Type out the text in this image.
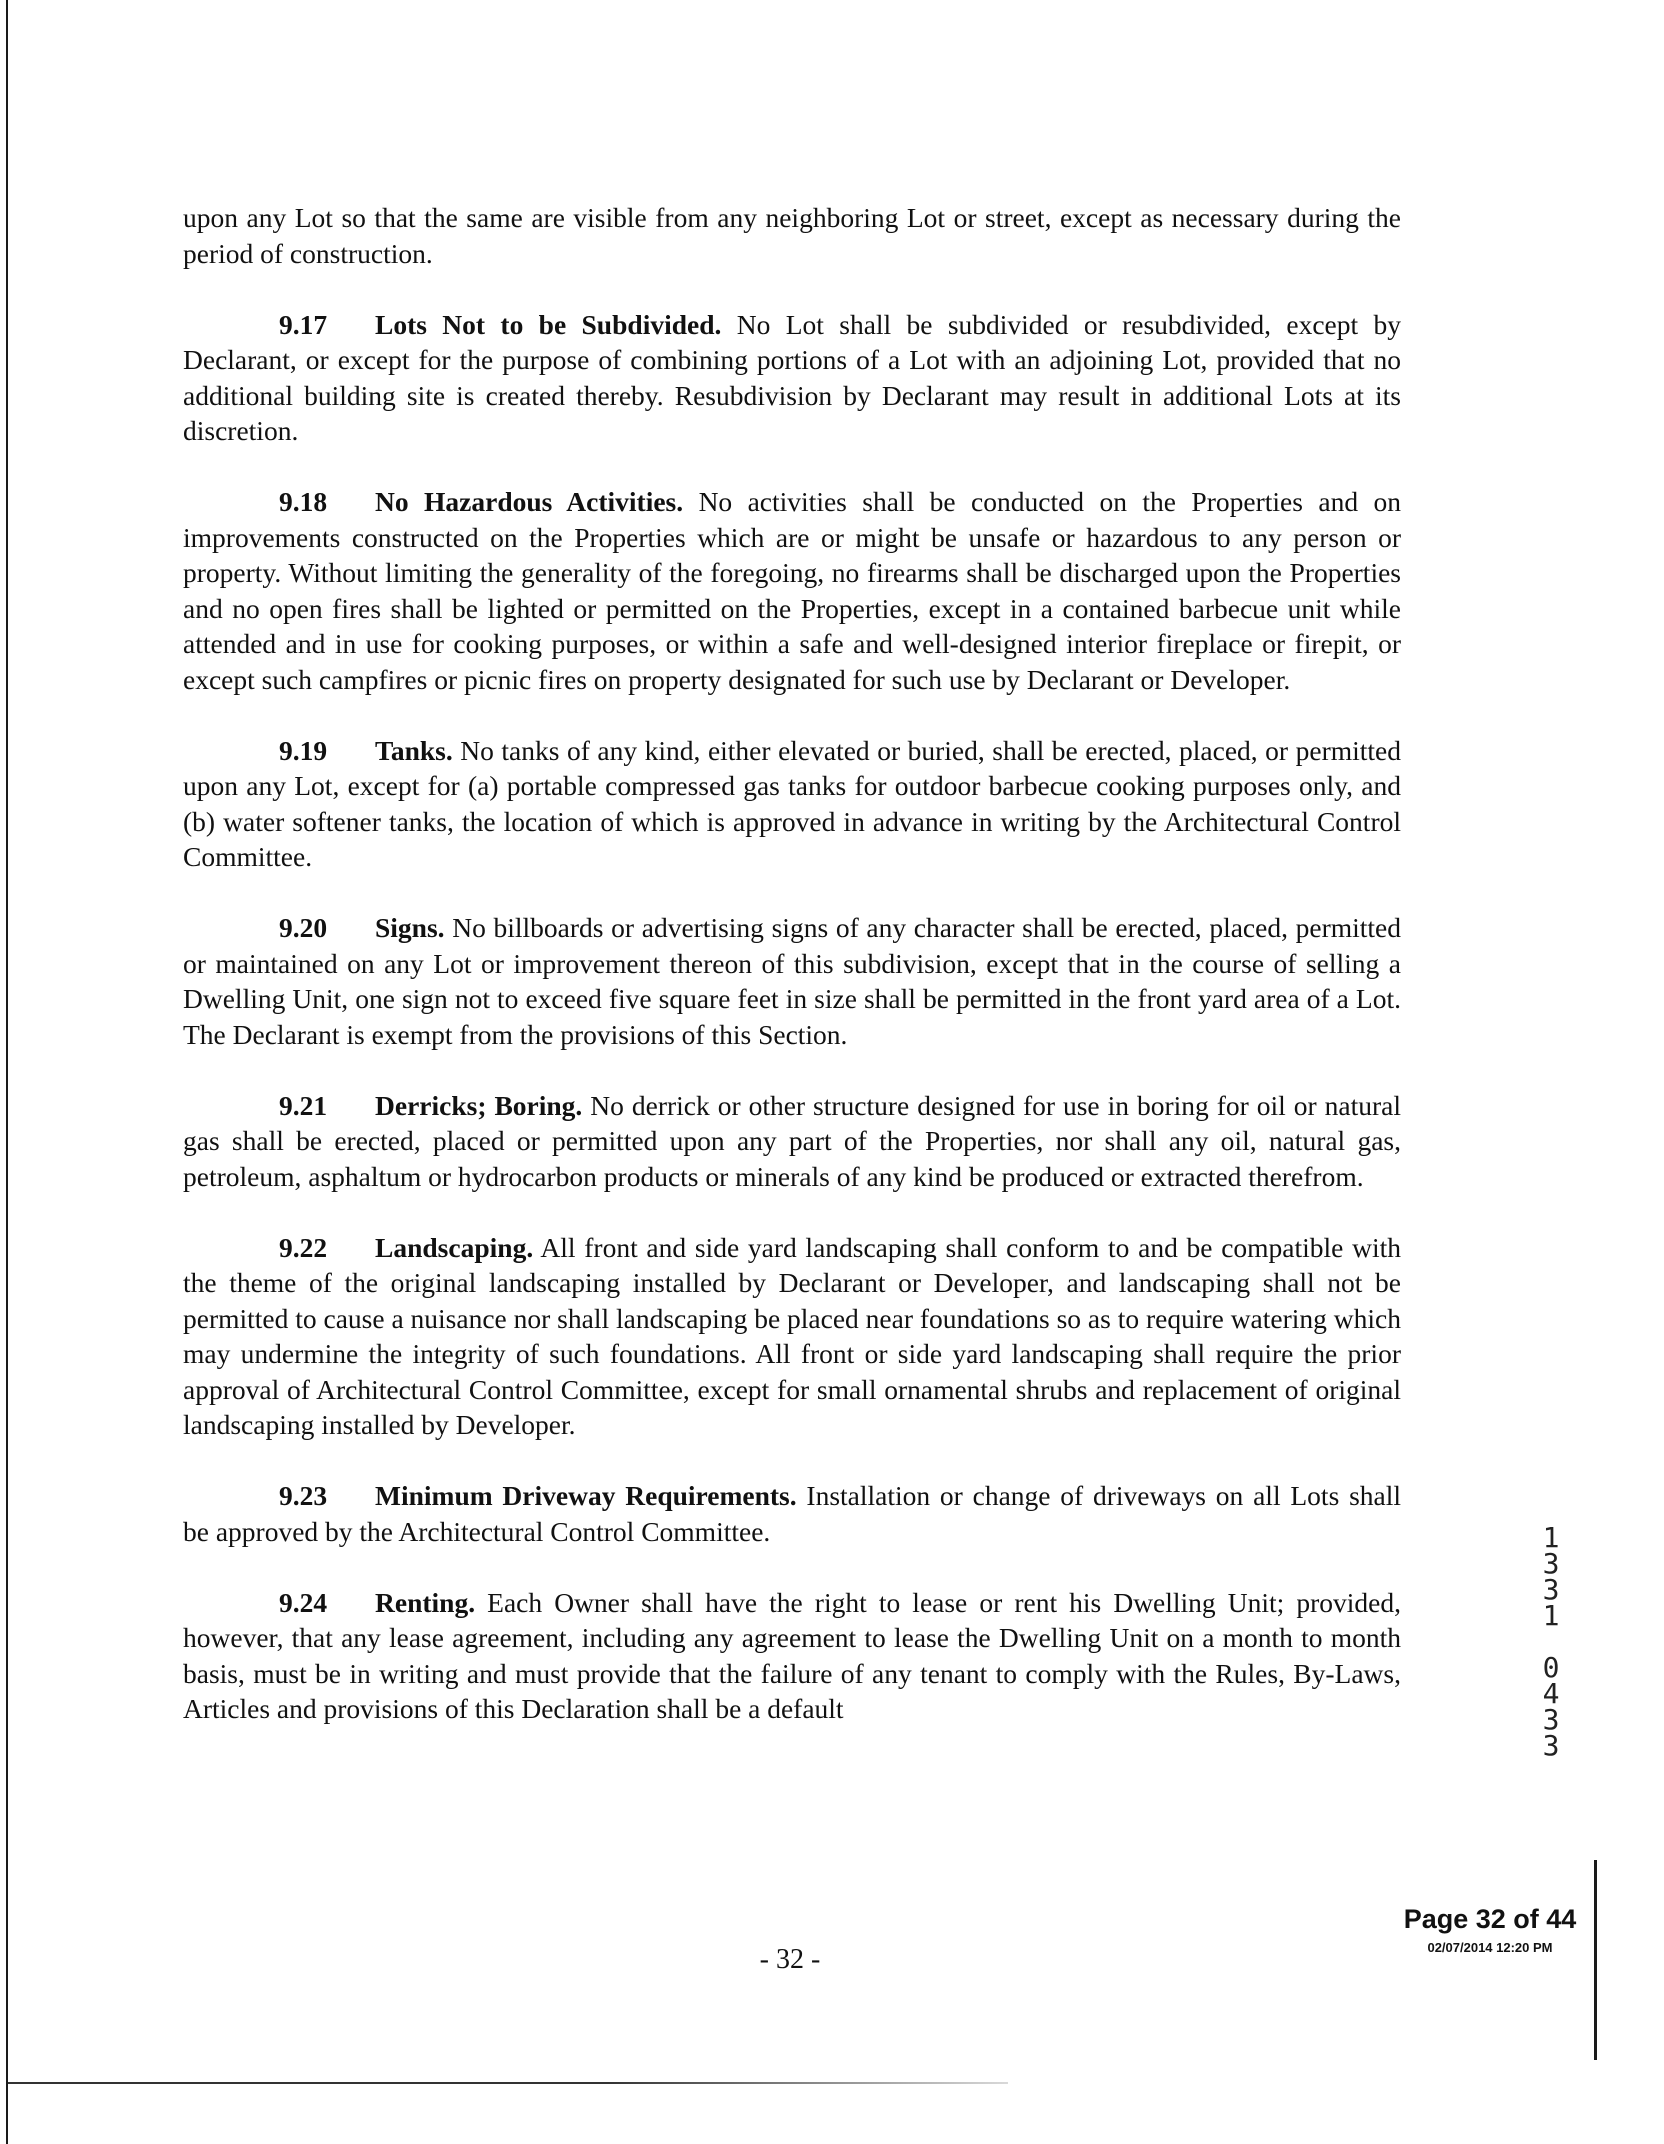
upon any Lot so that the same are visible from any neighboring Lot or street, except as necessary during the period of construction.

9.17 Lots Not to be Subdivided. No Lot shall be subdivided or resubdivided, except by Declarant, or except for the purpose of combining portions of a Lot with an adjoining Lot, provided that no additional building site is created thereby. Resubdivision by Declarant may result in additional Lots at its discretion.

9.18 No Hazardous Activities. No activities shall be conducted on the Properties and on improvements constructed on the Properties which are or might be unsafe or hazardous to any person or property. Without limiting the generality of the foregoing, no firearms shall be discharged upon the Properties and no open fires shall be lighted or permitted on the Properties, except in a contained barbecue unit while attended and in use for cooking purposes, or within a safe and well-designed interior fireplace or firepit, or except such campfires or picnic fires on property designated for such use by Declarant or Developer.

9.19 Tanks. No tanks of any kind, either elevated or buried, shall be erected, placed, or permitted upon any Lot, except for (a) portable compressed gas tanks for outdoor barbecue cooking purposes only, and (b) water softener tanks, the location of which is approved in advance in writing by the Architectural Control Committee.

9.20 Signs. No billboards or advertising signs of any character shall be erected, placed, permitted or maintained on any Lot or improvement thereon of this subdivision, except that in the course of selling a Dwelling Unit, one sign not to exceed five square feet in size shall be permitted in the front yard area of a Lot. The Declarant is exempt from the provisions of this Section.

9.21 Derricks; Boring. No derrick or other structure designed for use in boring for oil or natural gas shall be erected, placed or permitted upon any part of the Properties, nor shall any oil, natural gas, petroleum, asphaltum or hydrocarbon products or minerals of any kind be produced or extracted therefrom.

9.22 Landscaping. All front and side yard landscaping shall conform to and be compatible with the theme of the original landscaping installed by Declarant or Developer, and landscaping shall not be permitted to cause a nuisance nor shall landscaping be placed near foundations so as to require watering which may undermine the integrity of such foundations. All front or side yard landscaping shall require the prior approval of Architectural Control Committee, except for small ornamental shrubs and replacement of original landscaping installed by Developer.

9.23 Minimum Driveway Requirements. Installation or change of driveways on all Lots shall be approved by the Architectural Control Committee.

9.24 Renting. Each Owner shall have the right to lease or rent his Dwelling Unit; provided, however, that any lease agreement, including any agreement to lease the Dwelling Unit on a month to month basis, must be in writing and must provide that the failure of any tenant to comply with the Rules, By-Laws, Articles and provisions of this Declaration shall be a default

1
3
3
1

0
4
3
3
Page 32 of 44
02/07/2014 12:20 PM
- 32 -
